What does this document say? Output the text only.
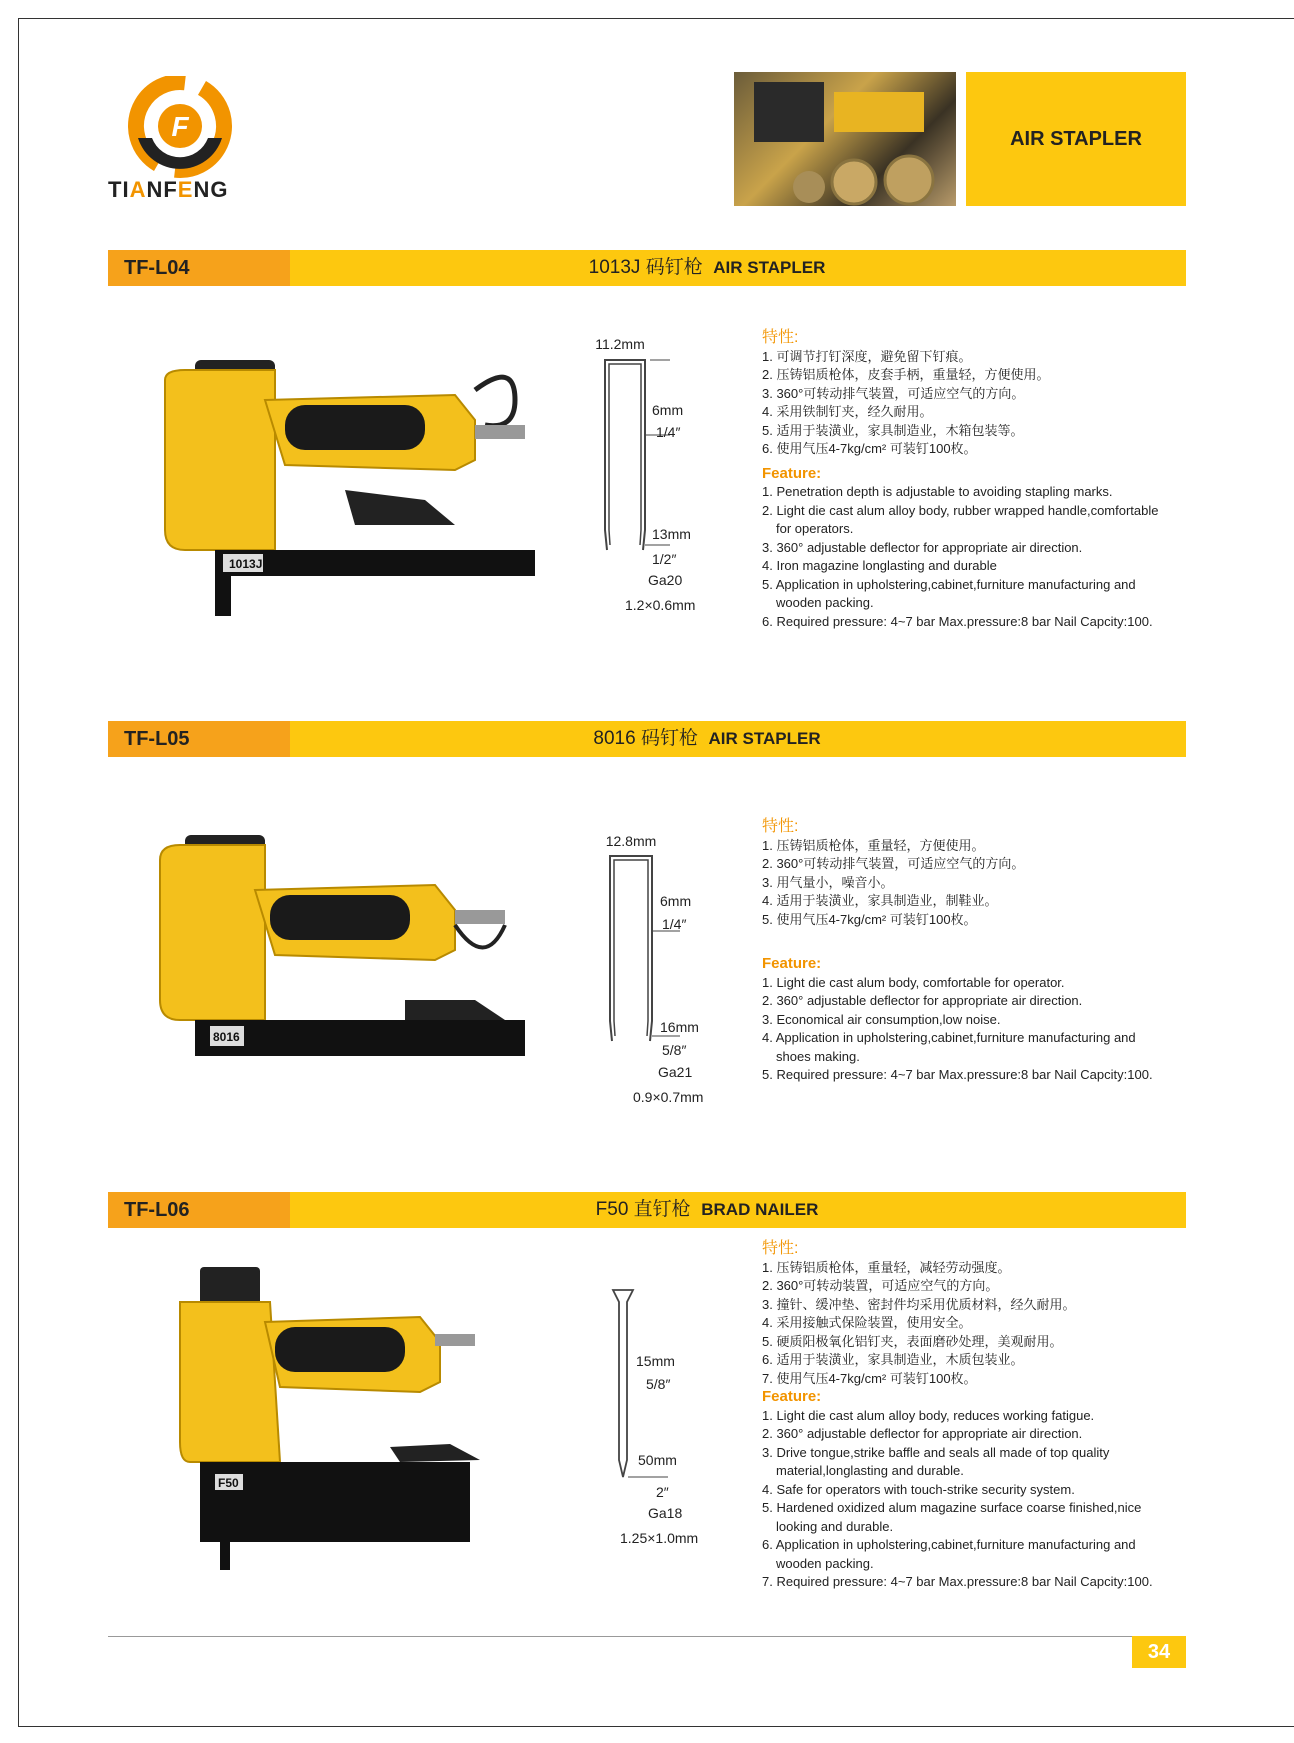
F
TIANFENG
AIR STAPLER
TF-L04	1013J 码钉枪 AIR STAPLER
1013J
11.2mm
6mm
1/4″
13mm
1/2″
Ga20
1.2×0.6mm
特性:
1. 可调节打钉深度，避免留下钉痕。
2. 压铸铝质枪体，皮套手柄，重量轻，方便使用。
3. 360°可转动排气装置，可适应空气的方向。
4. 采用铁制钉夹，经久耐用。
5. 适用于装潢业，家具制造业，木箱包装等。
6. 使用气压4-7kg/cm² 可装钉100枚。
Feature:
1. Penetration depth is adjustable to avoiding stapling marks.
2. Light die cast alum alloy body, rubber wrapped handle,comfortable for operators.
3. 360° adjustable deflector for appropriate air direction.
4. Iron magazine longlasting and durable
5. Application in upholstering,cabinet,furniture manufacturing and wooden packing.
6. Required pressure: 4~7 bar Max.pressure:8 bar Nail Capcity:100.
TF-L05	8016 码钉枪 AIR STAPLER
8016
12.8mm
6mm
1/4″
16mm
5/8″
Ga21
0.9×0.7mm
特性:
1. 压铸铝质枪体，重量轻，方便使用。
2. 360°可转动排气装置，可适应空气的方向。
3. 用气量小，噪音小。
4. 适用于装潢业，家具制造业，制鞋业。
5. 使用气压4-7kg/cm² 可装钉100枚。
Feature:
1. Light die cast alum body, comfortable for operator.
2. 360° adjustable deflector for appropriate air direction.
3. Economical air consumption,low noise.
4. Application in upholstering,cabinet,furniture manufacturing and shoes making.
5. Required pressure: 4~7 bar Max.pressure:8 bar Nail Capcity:100.
TF-L06	F50 直钉枪 BRAD NAILER
F50
15mm
5/8″
50mm
2″
Ga18
1.25×1.0mm
特性:
1. 压铸铝质枪体，重量轻，减轻劳动强度。
2. 360°可转动装置，可适应空气的方向。
3. 撞针、缓冲垫、密封件均采用优质材料，经久耐用。
4. 采用接触式保险装置，使用安全。
5. 硬质阳极氧化铝钉夹，表面磨砂处理，美观耐用。
6. 适用于装潢业，家具制造业，木质包装业。
7. 使用气压4-7kg/cm² 可装钉100枚。
Feature:
1. Light die cast alum alloy body, reduces working fatigue.
2. 360° adjustable deflector for appropriate air direction.
3. Drive tongue,strike baffle and seals all made of top quality material,longlasting and durable.
4. Safe for operators with touch-strike security system.
5. Hardened oxidized alum magazine surface coarse finished,nice looking and durable.
6. Application in upholstering,cabinet,furniture manufacturing and wooden packing.
7. Required pressure: 4~7 bar Max.pressure:8 bar Nail Capcity:100.
34
